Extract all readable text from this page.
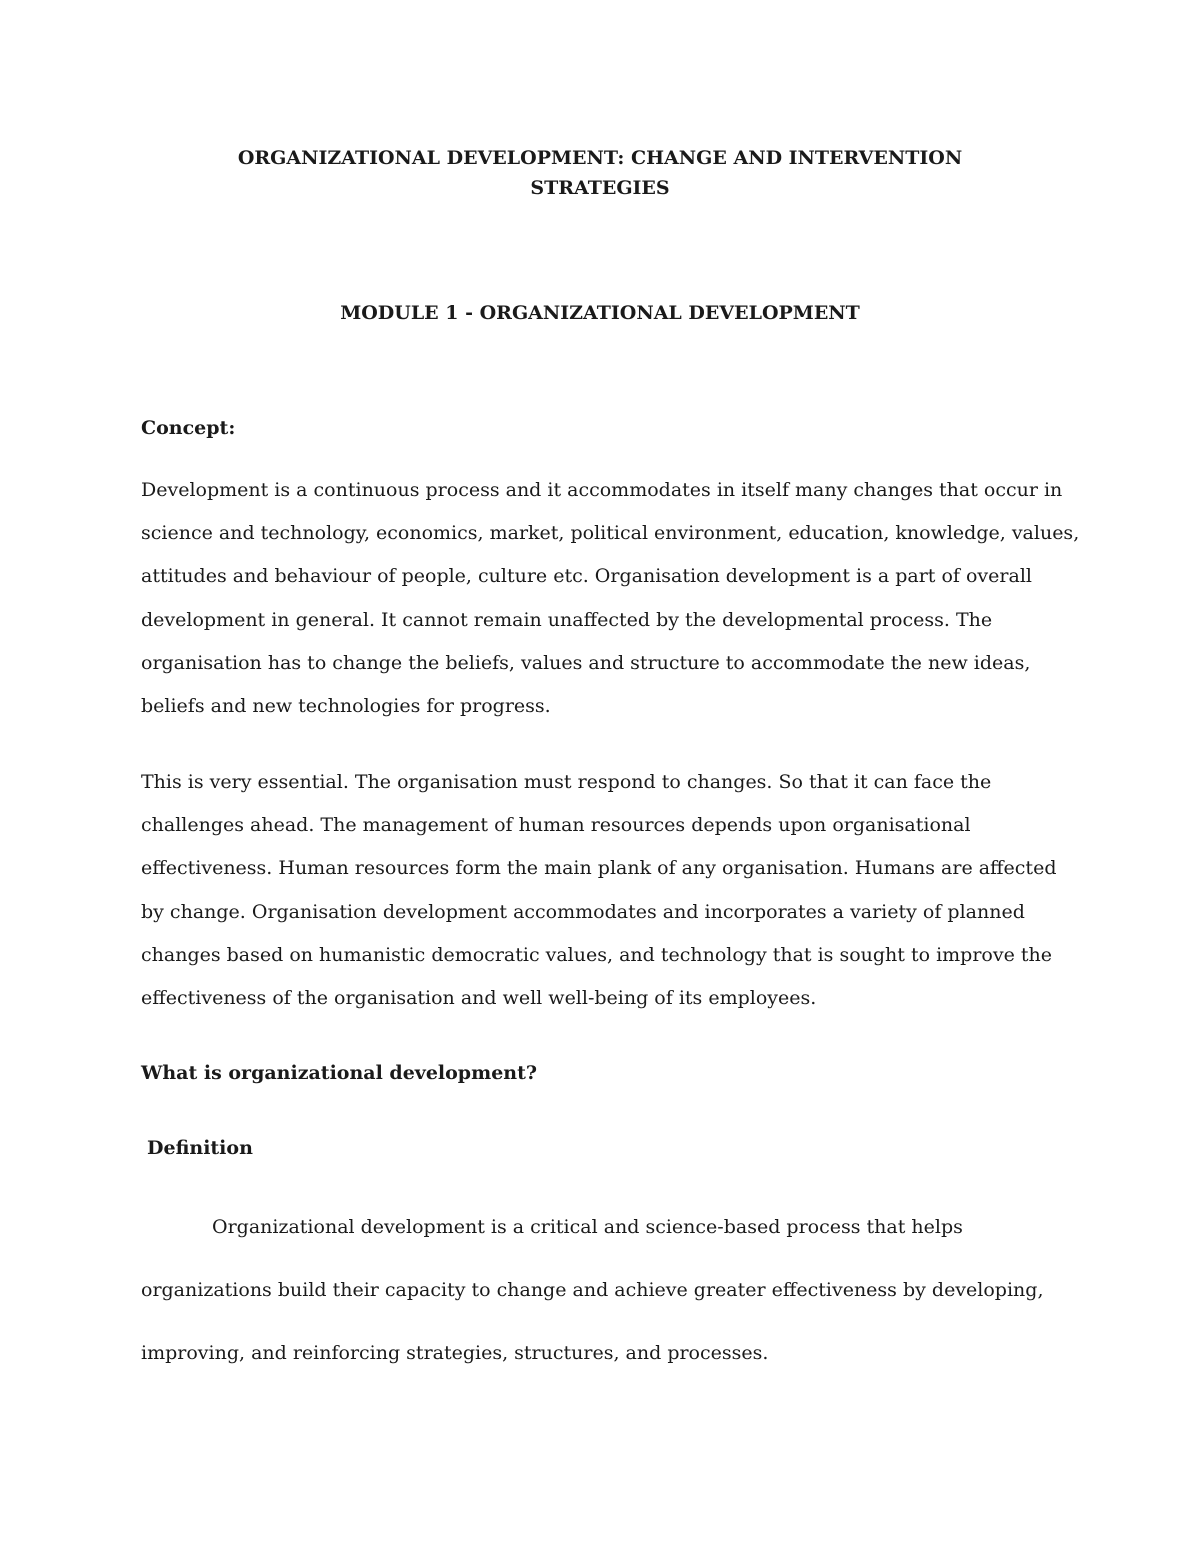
ORGANIZATIONAL DEVELOPMENT: CHANGE AND INTERVENTION
STRATEGIES
MODULE 1 - ORGANIZATIONAL DEVELOPMENT
Concept:

Development is a continuous process and it accommodates in itself many changes that occur in
science and technology, economics, market, political environment, education, knowledge, values,
attitudes and behaviour of people, culture etc. Organisation development is a part of overall
development in general. It cannot remain unaffected by the developmental process. The
organisation has to change the beliefs, values and structure to accommodate the new ideas,
beliefs and new technologies for progress.

This is very essential. The organisation must respond to changes. So that it can face the
challenges ahead. The management of human resources depends upon organisational
effectiveness. Human resources form the main plank of any organisation. Humans are affected
by change. Organisation development accommodates and incorporates a variety of planned
changes based on humanistic democratic values, and technology that is sought to improve the
effectiveness of the organisation and well well-being of its employees.

What is organizational development?
Definition

Organizational development is a critical and science-based process that helps
organizations build their capacity to change and achieve greater effectiveness by developing,
improving, and reinforcing strategies, structures, and processes.
